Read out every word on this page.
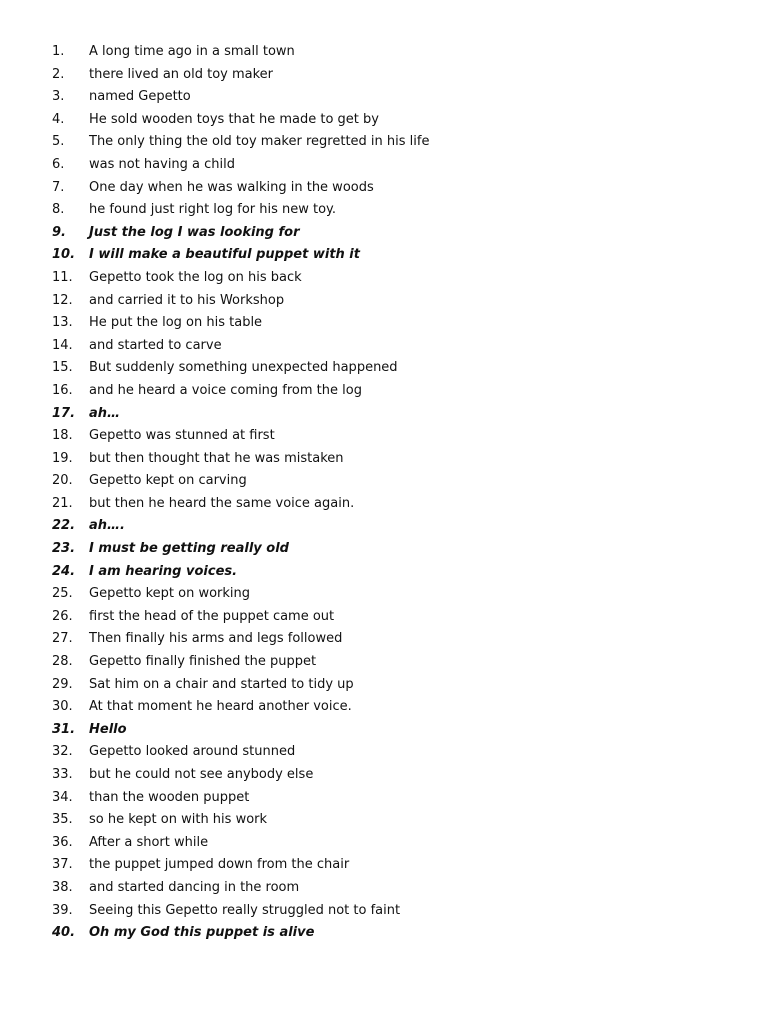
1.	A long time ago in a small town
2.	there lived an old toy maker
3.	named Gepetto
4.	He sold wooden toys that he made to get by
5.	The only thing the old toy maker regretted in his life
6.	was not having a child
7.	One day when he was walking in the woods
8.	he found just right log for his new toy.
9.	Just the log I was looking for
10.	I will make a beautiful puppet with it
11.	Gepetto took the log on his back
12.	and carried it to his Workshop
13.	He put the log on his table
14.	and started to carve
15.	But suddenly something unexpected happened
16.	and he heard a voice coming from the log
17.	ah…
18.	Gepetto was stunned at first
19.	but then thought that he was mistaken
20.	Gepetto kept on carving
21.	but then he heard the same voice again.
22.	ah….
23.	I must be getting really old
24.	I am hearing voices.
25.	Gepetto kept on working
26.	first the head of the puppet came out
27.	Then finally his arms and legs followed
28.	Gepetto finally finished the puppet
29.	Sat him on a chair and started to tidy up
30.	At that moment he heard another voice.
31.	Hello
32.	Gepetto looked around stunned
33.	but he could not see anybody else
34.	than the wooden puppet
35.	so he kept on with his work
36.	After a short while
37.	the puppet jumped down from the chair
38.	and started dancing in the room
39.	Seeing this Gepetto really struggled not to faint
40.	Oh my God this puppet is alive
